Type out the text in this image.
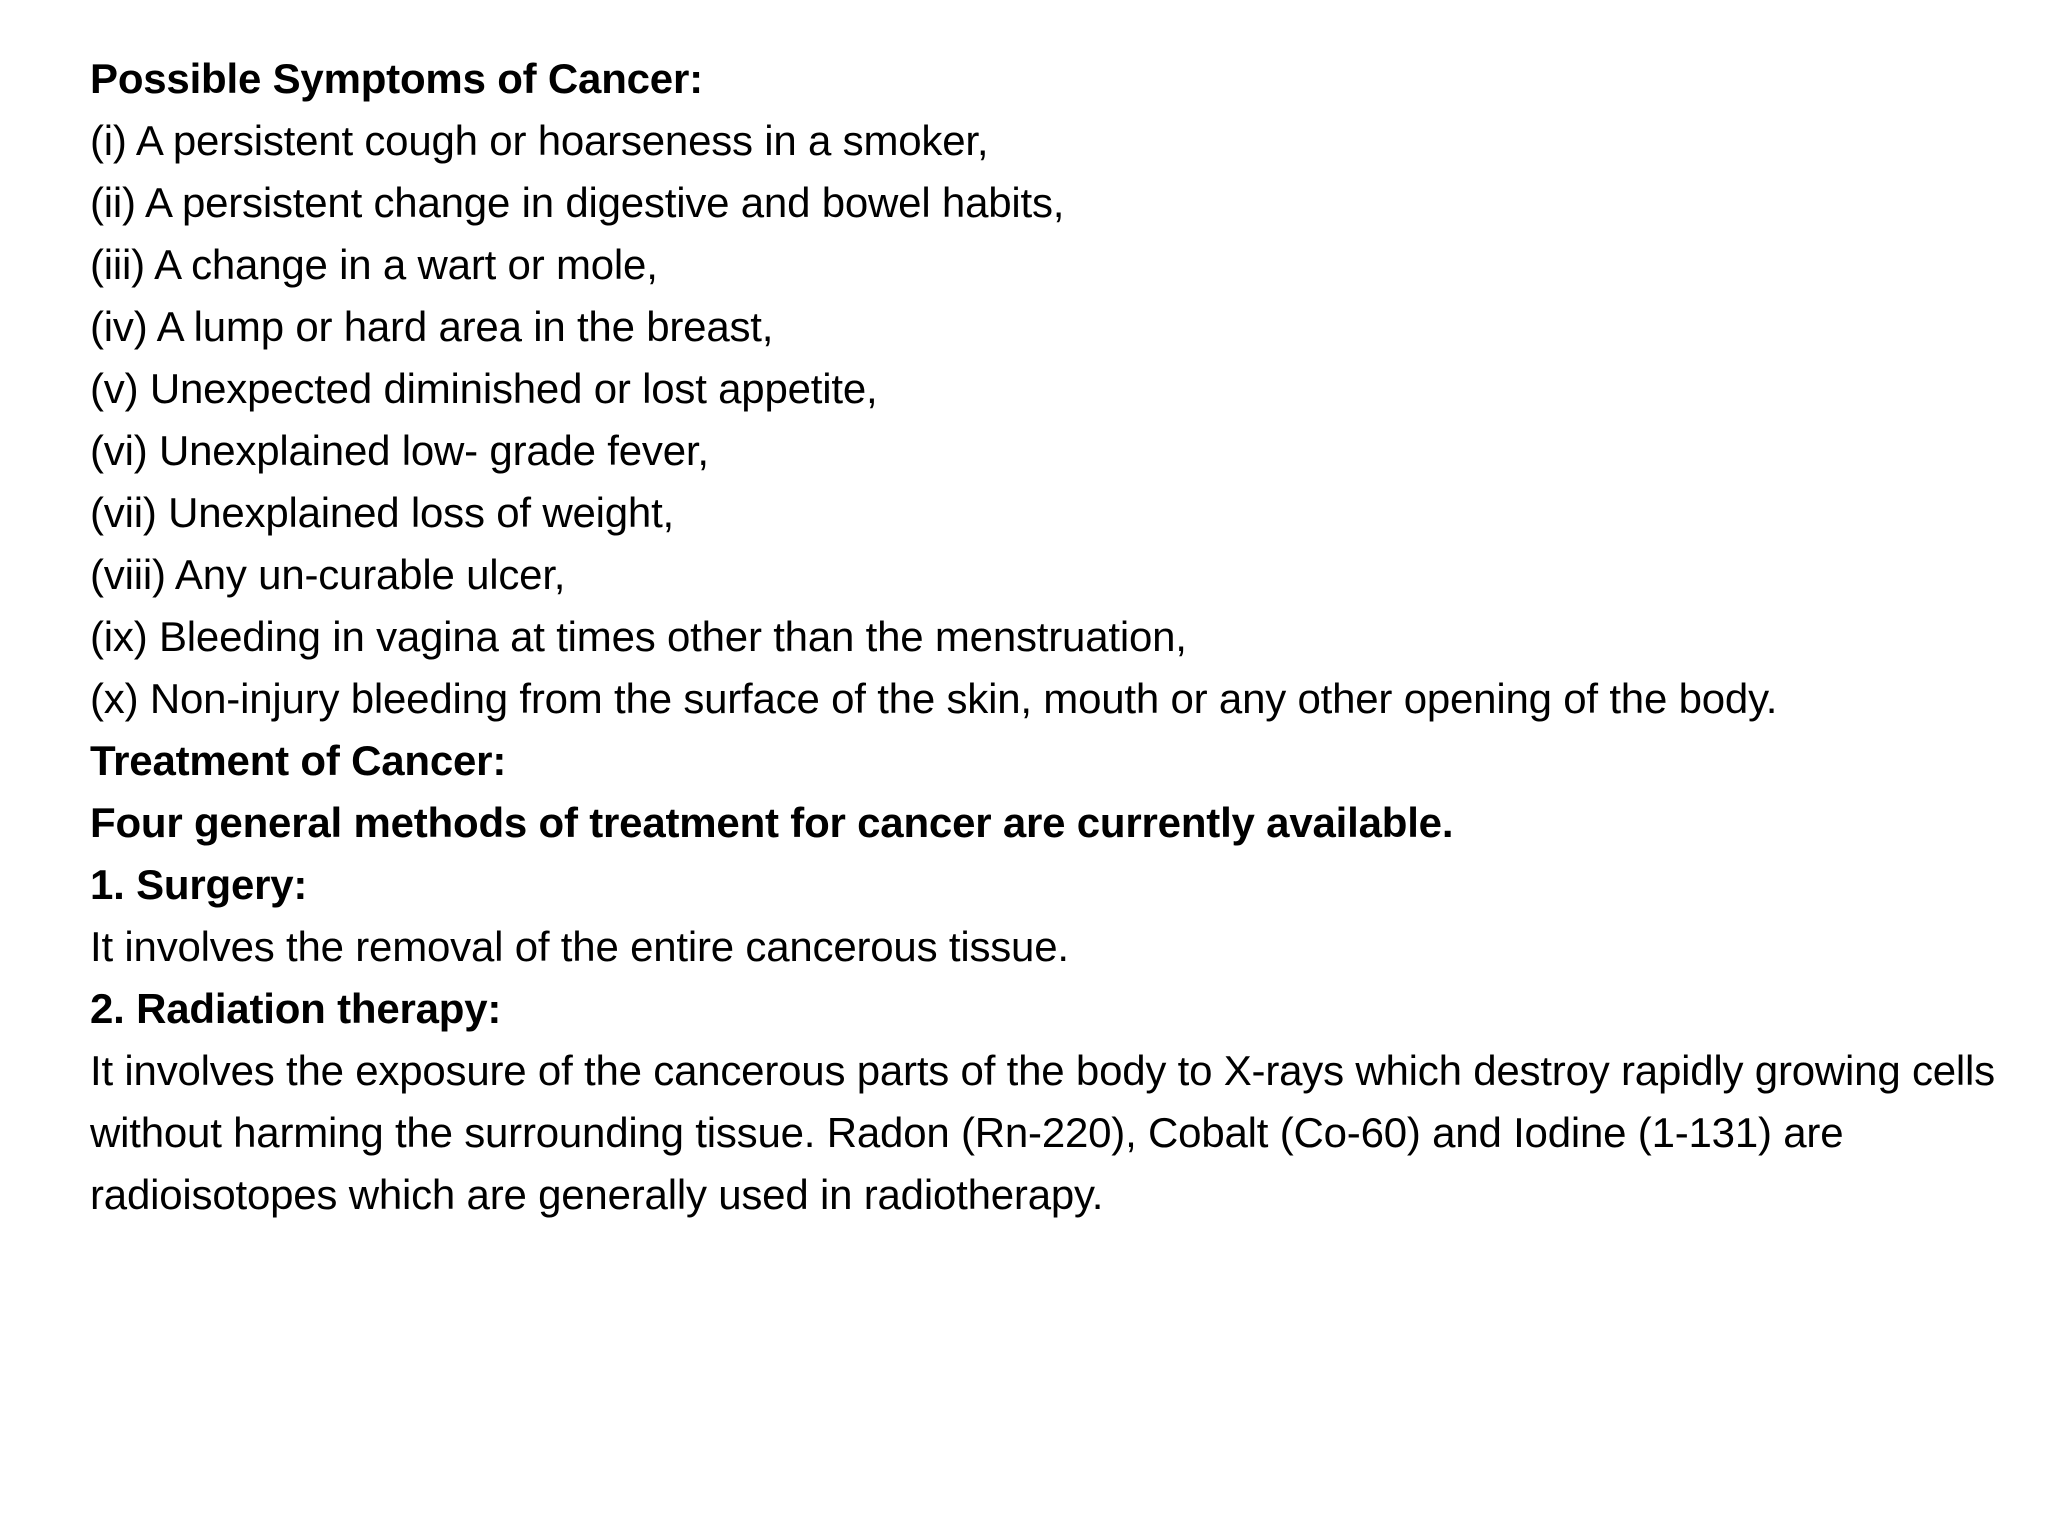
Possible Symptoms of Cancer:

(i) A persistent cough or hoarseness in a smoker,

(ii) A persistent change in digestive and bowel habits,

(iii) A change in a wart or mole,

(iv) A lump or hard area in the breast,

(v) Unexpected diminished or lost appetite,

(vi) Unexplained low- grade fever,

(vii) Unexplained loss of weight,

(viii) Any un-curable ulcer,

(ix) Bleeding in vagina at times other than the menstruation,

(x) Non-injury bleeding from the surface of the skin, mouth or any other opening of the body.

Treatment of Cancer:

Four general methods of treatment for cancer are currently available.

1. Surgery:

It involves the removal of the entire cancerous tissue.

2. Radiation therapy:

It involves the exposure of the cancerous parts of the body to X-rays which destroy rapidly growing cells without harming the surrounding tissue. Radon (Rn-220), Cobalt (Co-60) and Iodine (1-131) are radioisotopes which are generally used in radiotherapy.
